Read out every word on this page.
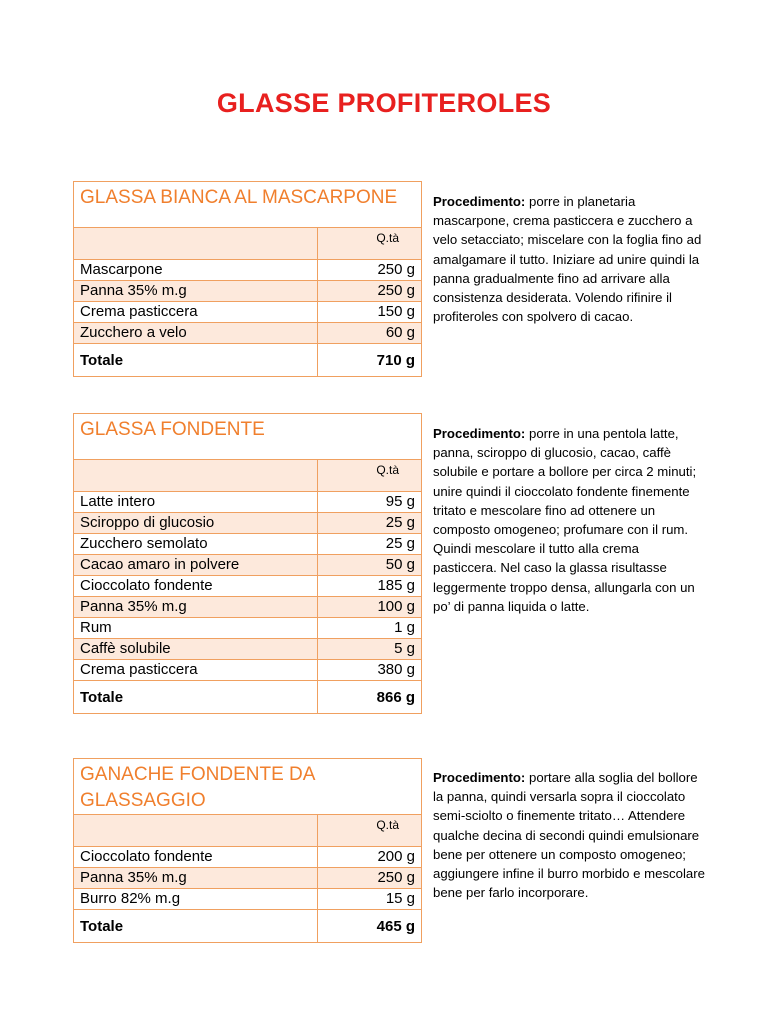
GLASSE PROFITEROLES
GLASSA BIANCA AL MASCARPONE	
	Q.tà
Mascarpone	250 g
Panna 35% m.g	250 g
Crema pasticcera	150 g
Zucchero a velo	60 g
Totale	710 g
Procedimento: porre in planetaria mascarpone, crema pasticcera e zucchero a velo setacciato; miscelare con la foglia fino ad amalgamare il tutto. Iniziare ad unire quindi la panna gradualmente fino ad arrivare alla consistenza desiderata. Volendo rifinire il profiteroles con spolvero di cacao.
GLASSA FONDENTE	
	Q.tà
Latte intero	95 g
Sciroppo di glucosio	25 g
Zucchero semolato	25 g
Cacao amaro in polvere	50 g
Cioccolato fondente	185 g
Panna 35% m.g	100 g
Rum	1 g
Caffè solubile	5 g
Crema pasticcera	380 g
Totale	866 g
Procedimento: porre in una pentola latte, panna, sciroppo di glucosio, cacao, caffè solubile e portare a bollore per circa 2 minuti; unire quindi il cioccolato fondente finemente tritato e mescolare fino ad ottenere un composto omogeneo; profumare con il rum. Quindi mescolare il tutto alla crema pasticcera. Nel caso la glassa risultasse leggermente troppo densa, allungarla con un po’ di panna liquida o latte.
GANACHE FONDENTE DA GLASSAGGIO	
	Q.tà
Cioccolato fondente	200 g
Panna 35% m.g	250 g
Burro 82% m.g	15 g
Totale	465 g
Procedimento: portare alla soglia del bollore la panna, quindi versarla sopra il cioccolato semi-sciolto o finemente tritato… Attendere qualche decina di secondi quindi emulsionare bene per ottenere un composto omogeneo; aggiungere infine il burro morbido e mescolare bene per farlo incorporare.
